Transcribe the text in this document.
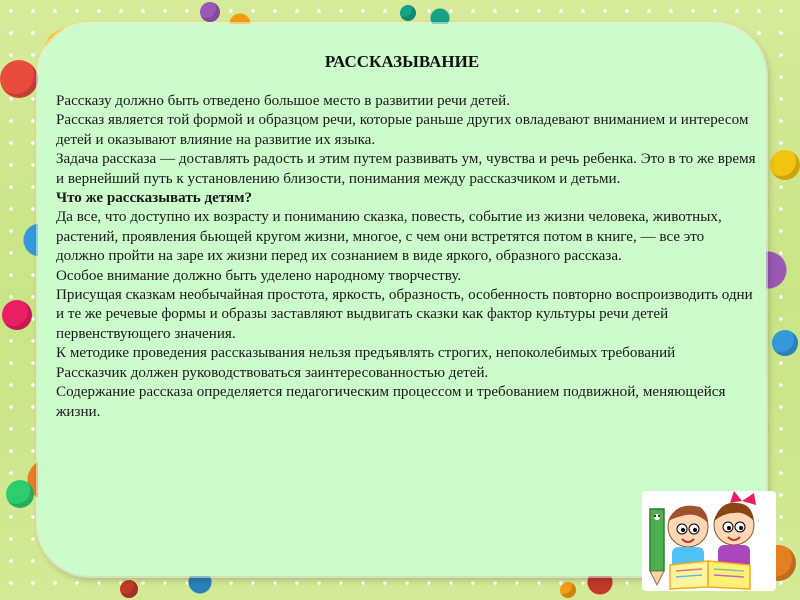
РАССКАЗЫВАНИЕ

Рассказу должно быть отведено большое место в развитии речи детей.

Рассказ является той формой и образцом речи, которые раньше других овладевают вниманием и интересом детей и оказывают влияние на развитие их языка.

Задача рассказа — доставлять радость и этим путем развивать ум, чувства и речь ребенка. Это в то же время и вернейший путь к установлению близости, понимания между рассказчиком и детьми.

Что же рассказывать детям?

Да все, что доступно их возрасту и пониманию сказка, повесть, событие из жизни человека, животных, растений, проявления бьющей кругом жизни, многое, с чем они встретятся потом в книге, — все это должно пройти на заре их жизни перед их сознанием в виде яркого, образного рассказа.

Особое внимание должно быть уделено народному творчеству.

Присущая сказкам необычайная простота, яркость, образность, особенность повторно воспроизводить одни и те же речевые формы и образы заставляют выдвигать сказки как фактор культуры речи детей первенствующего значения.

К методике проведения рассказывания нельзя предъявлять строгих, непоколебимых требований

Рассказчик должен руководствоваться заинтересованностью детей.

Содержание рассказа определяется педагогическим процессом и требованием подвижной, меняющейся жизни.
